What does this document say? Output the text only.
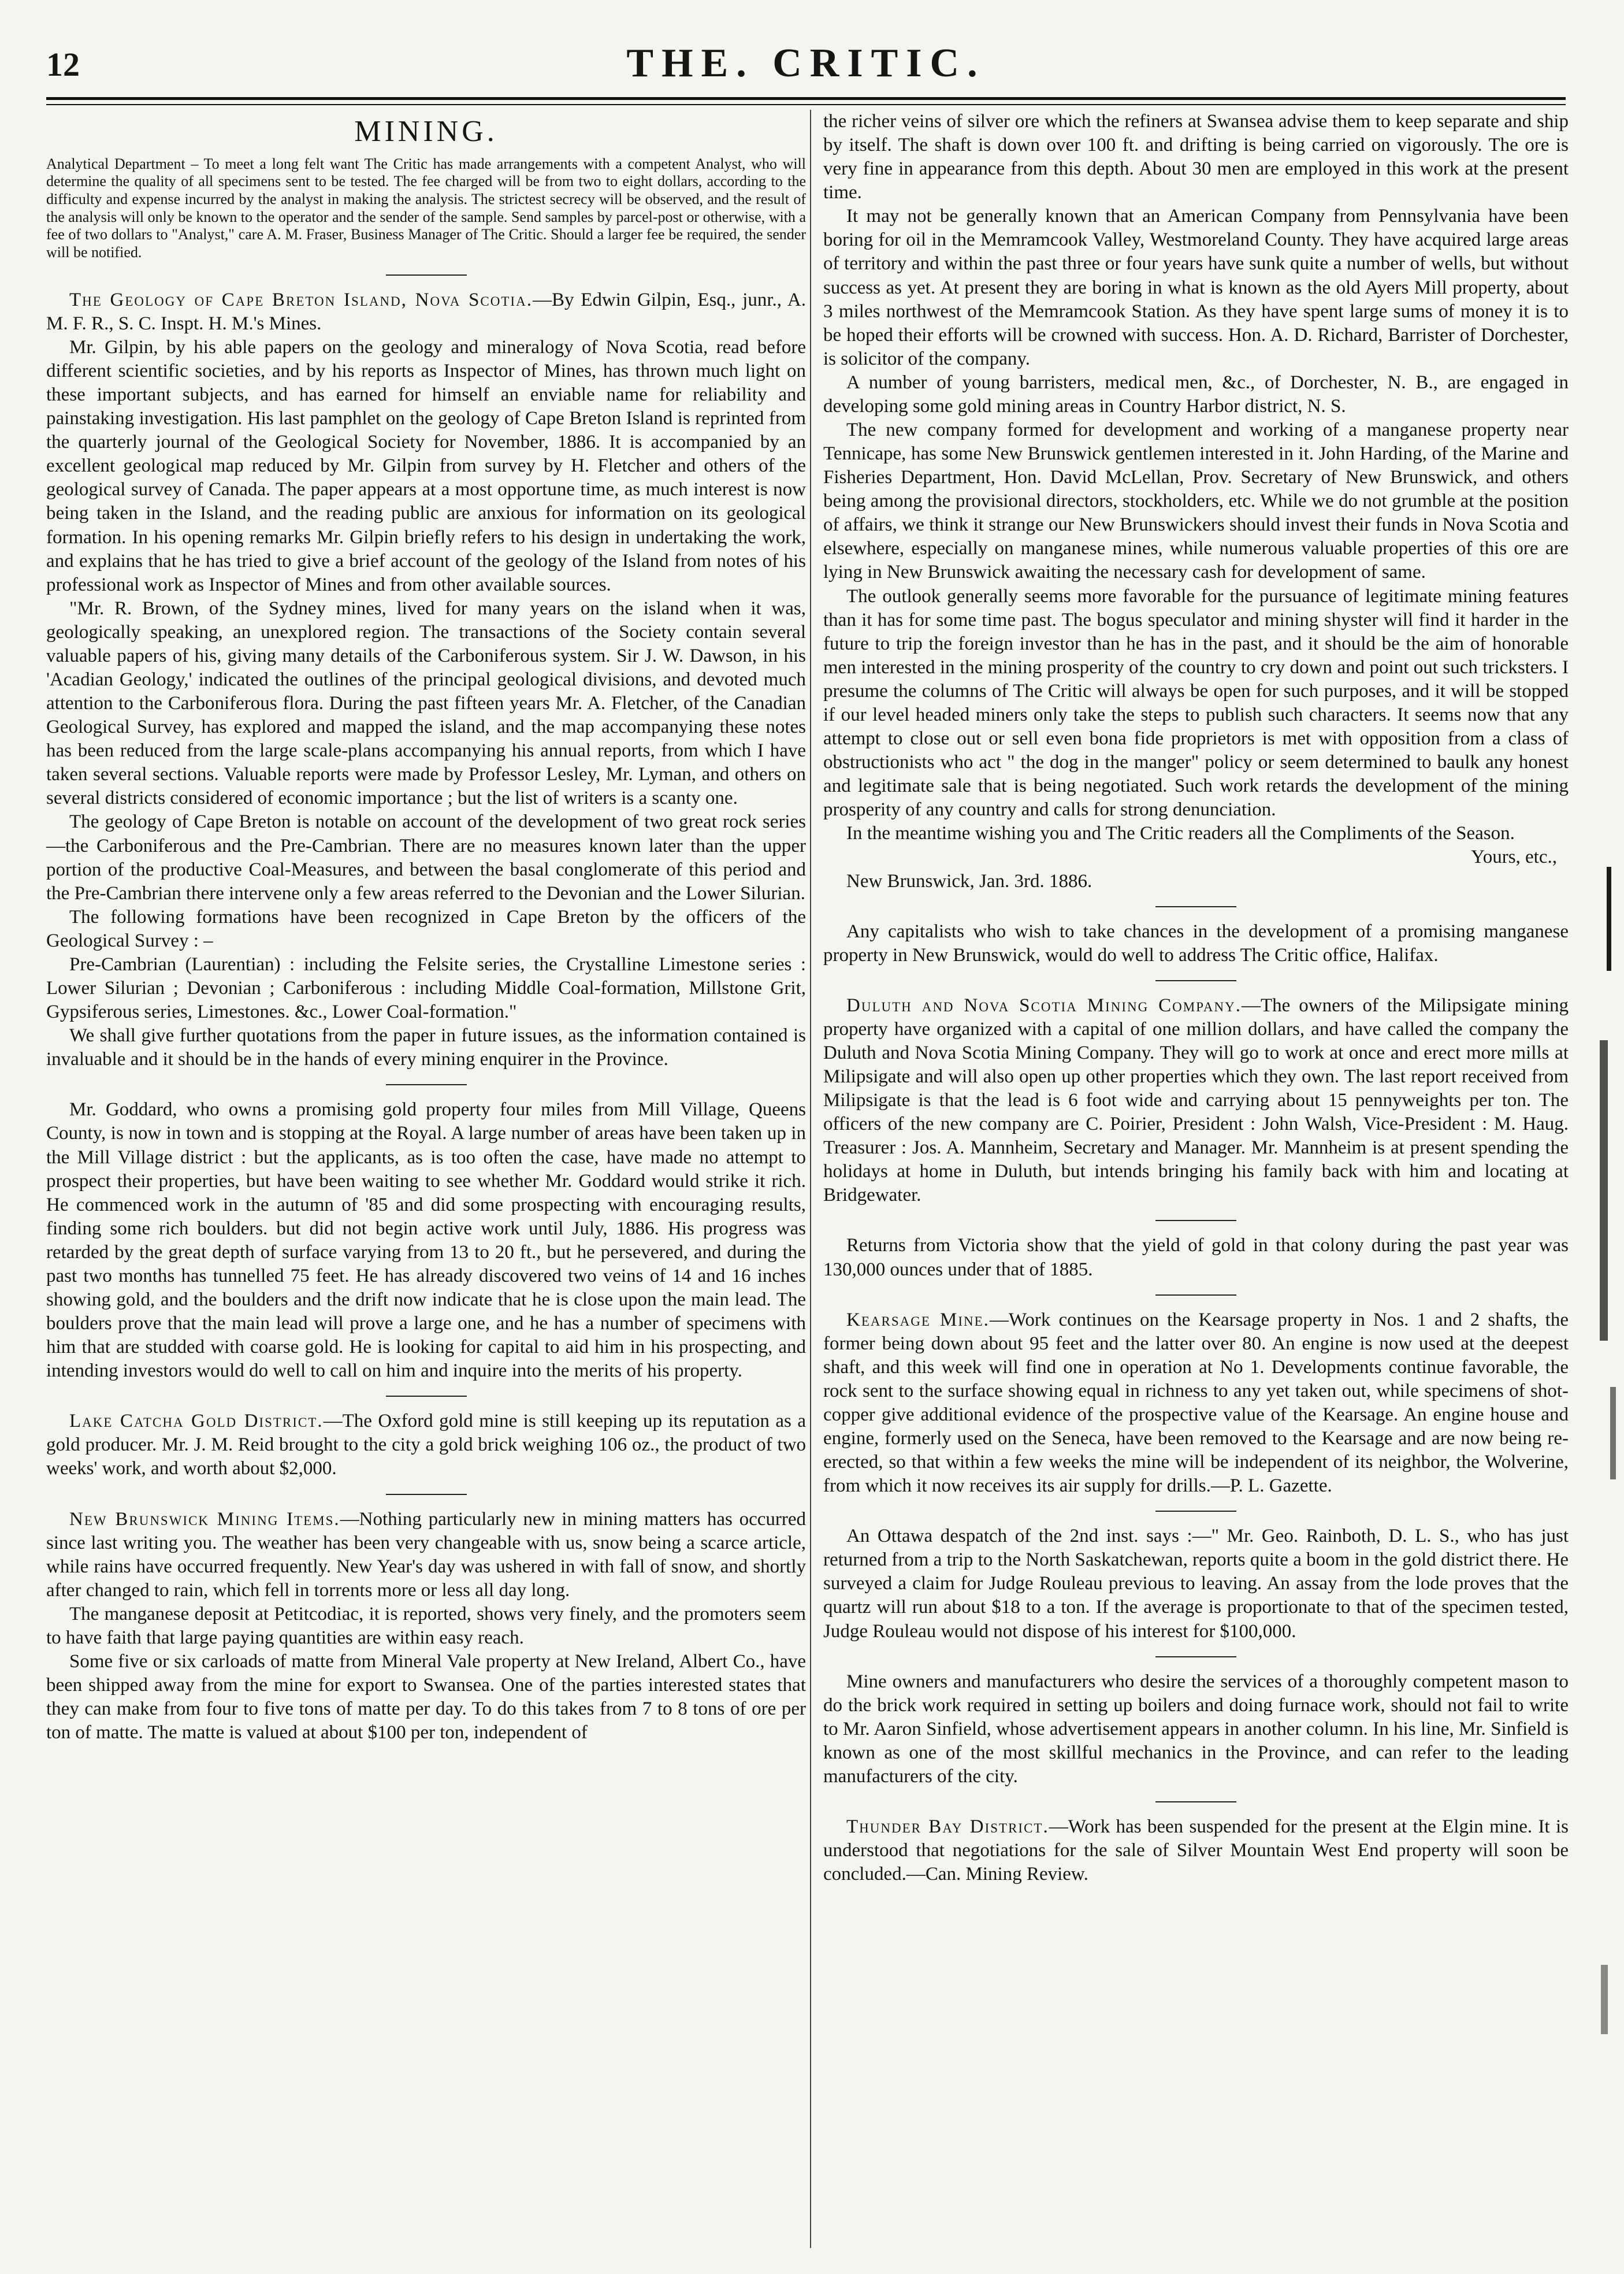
12	THE. CRITIC.
MINING.
Analytical Department – To meet a long felt want The Critic has made arrangements with a competent Analyst, who will determine the quality of all specimens sent to be tested. The fee charged will be from two to eight dollars, according to the difficulty and expense incurred by the analyst in making the analysis. The strictest secrecy will be observed, and the result of the analysis will only be known to the operator and the sender of the sample. Send samples by parcel-post or otherwise, with a fee of two dollars to "Analyst," care A. M. Fraser, Business Manager of The Critic. Should a larger fee be required, the sender will be notified.

The Geology of Cape Breton Island, Nova Scotia.—By Edwin Gilpin, Esq., junr., A. M. F. R., S. C. Inspt. H. M.'s Mines.

Mr. Gilpin, by his able papers on the geology and mineralogy of Nova Scotia, read before different scientific societies, and by his reports as Inspector of Mines, has thrown much light on these important subjects, and has earned for himself an enviable name for reliability and painstaking investigation. His last pamphlet on the geology of Cape Breton Island is reprinted from the quarterly journal of the Geological Society for November, 1886. It is accompanied by an excellent geological map reduced by Mr. Gilpin from survey by H. Fletcher and others of the geological survey of Canada. The paper appears at a most opportune time, as much interest is now being taken in the Island, and the reading public are anxious for information on its geological formation. In his opening remarks Mr. Gilpin briefly refers to his design in undertaking the work, and explains that he has tried to give a brief account of the geology of the Island from notes of his professional work as Inspector of Mines and from other available sources.

"Mr. R. Brown, of the Sydney mines, lived for many years on the island when it was, geologically speaking, an unexplored region. The transactions of the Society contain several valuable papers of his, giving many details of the Carboniferous system. Sir J. W. Dawson, in his 'Acadian Geology,' indicated the outlines of the principal geological divisions, and devoted much attention to the Carboniferous flora. During the past fifteen years Mr. A. Fletcher, of the Canadian Geological Survey, has explored and mapped the island, and the map accompanying these notes has been reduced from the large scale-plans accompanying his annual reports, from which I have taken several sections. Valuable reports were made by Professor Lesley, Mr. Lyman, and others on several districts considered of economic importance ; but the list of writers is a scanty one.

The geology of Cape Breton is notable on account of the development of two great rock series—the Carboniferous and the Pre-Cambrian. There are no measures known later than the upper portion of the productive Coal-Measures, and between the basal conglomerate of this period and the Pre-Cambrian there intervene only a few areas referred to the Devonian and the Lower Silurian.

The following formations have been recognized in Cape Breton by the officers of the Geological Survey : –

Pre-Cambrian (Laurentian) : including the Felsite series, the Crystalline Limestone series : Lower Silurian ; Devonian ; Carboniferous : including Middle Coal-formation, Millstone Grit, Gypsiferous series, Limestones. &c., Lower Coal-formation."

We shall give further quotations from the paper in future issues, as the information contained is invaluable and it should be in the hands of every mining enquirer in the Province.

Mr. Goddard, who owns a promising gold property four miles from Mill Village, Queens County, is now in town and is stopping at the Royal. A large number of areas have been taken up in the Mill Village district : but the applicants, as is too often the case, have made no attempt to prospect their properties, but have been waiting to see whether Mr. Goddard would strike it rich. He commenced work in the autumn of '85 and did some prospecting with encouraging results, finding some rich boulders. but did not begin active work until July, 1886. His progress was retarded by the great depth of surface varying from 13 to 20 ft., but he persevered, and during the past two months has tunnelled 75 feet. He has already discovered two veins of 14 and 16 inches showing gold, and the boulders and the drift now indicate that he is close upon the main lead. The boulders prove that the main lead will prove a large one, and he has a number of specimens with him that are studded with coarse gold. He is looking for capital to aid him in his prospecting, and intending investors would do well to call on him and inquire into the merits of his property.

Lake Catcha Gold District.—The Oxford gold mine is still keeping up its reputation as a gold producer. Mr. J. M. Reid brought to the city a gold brick weighing 106 oz., the product of two weeks' work, and worth about $2,000.

New Brunswick Mining Items.—Nothing particularly new in mining matters has occurred since last writing you. The weather has been very changeable with us, snow being a scarce article, while rains have occurred frequently. New Year's day was ushered in with fall of snow, and shortly after changed to rain, which fell in torrents more or less all day long.

The manganese deposit at Petitcodiac, it is reported, shows very finely, and the promoters seem to have faith that large paying quantities are within easy reach.

Some five or six carloads of matte from Mineral Vale property at New Ireland, Albert Co., have been shipped away from the mine for export to Swansea. One of the parties interested states that they can make from four to five tons of matte per day. To do this takes from 7 to 8 tons of ore per ton of matte. The matte is valued at about $100 per ton, independent of

the richer veins of silver ore which the refiners at Swansea advise them to keep separate and ship by itself. The shaft is down over 100 ft. and drifting is being carried on vigorously. The ore is very fine in appearance from this depth. About 30 men are employed in this work at the present time.

It may not be generally known that an American Company from Pennsylvania have been boring for oil in the Memramcook Valley, Westmoreland County. They have acquired large areas of territory and within the past three or four years have sunk quite a number of wells, but without success as yet. At present they are boring in what is known as the old Ayers Mill property, about 3 miles northwest of the Memramcook Station. As they have spent large sums of money it is to be hoped their efforts will be crowned with success. Hon. A. D. Richard, Barrister of Dorchester, is solicitor of the company.

A number of young barristers, medical men, &c., of Dorchester, N. B., are engaged in developing some gold mining areas in Country Harbor district, N. S.

The new company formed for development and working of a manganese property near Tennicape, has some New Brunswick gentlemen interested in it. John Harding, of the Marine and Fisheries Department, Hon. David McLellan, Prov. Secretary of New Brunswick, and others being among the provisional directors, stockholders, etc. While we do not grumble at the position of affairs, we think it strange our New Brunswickers should invest their funds in Nova Scotia and elsewhere, especially on manganese mines, while numerous valuable properties of this ore are lying in New Brunswick awaiting the necessary cash for development of same.

The outlook generally seems more favorable for the pursuance of legitimate mining features than it has for some time past. The bogus speculator and mining shyster will find it harder in the future to trip the foreign investor than he has in the past, and it should be the aim of honorable men interested in the mining prosperity of the country to cry down and point out such tricksters. I presume the columns of The Critic will always be open for such purposes, and it will be stopped if our level headed miners only take the steps to publish such characters. It seems now that any attempt to close out or sell even bona fide proprietors is met with opposition from a class of obstructionists who act " the dog in the manger" policy or seem determined to baulk any honest and legitimate sale that is being negotiated. Such work retards the development of the mining prosperity of any country and calls for strong denunciation.

In the meantime wishing you and The Critic readers all the Compliments of the Season.

Yours, etc.,

New Brunswick, Jan. 3rd. 1886.

Any capitalists who wish to take chances in the development of a promising manganese property in New Brunswick, would do well to address The Critic office, Halifax.

Duluth and Nova Scotia Mining Company.—The owners of the Milipsigate mining property have organized with a capital of one million dollars, and have called the company the Duluth and Nova Scotia Mining Company. They will go to work at once and erect more mills at Milipsigate and will also open up other properties which they own. The last report received from Milipsigate is that the lead is 6 foot wide and carrying about 15 pennyweights per ton. The officers of the new company are C. Poirier, President : John Walsh, Vice-President : M. Haug. Treasurer : Jos. A. Mannheim, Secretary and Manager. Mr. Mannheim is at present spending the holidays at home in Duluth, but intends bringing his family back with him and locating at Bridgewater.

Returns from Victoria show that the yield of gold in that colony during the past year was 130,000 ounces under that of 1885.

Kearsage Mine.—Work continues on the Kearsage property in Nos. 1 and 2 shafts, the former being down about 95 feet and the latter over 80. An engine is now used at the deepest shaft, and this week will find one in operation at No 1. Developments continue favorable, the rock sent to the surface showing equal in richness to any yet taken out, while specimens of shot-copper give additional evidence of the prospective value of the Kearsage. An engine house and engine, formerly used on the Seneca, have been removed to the Kearsage and are now being re-erected, so that within a few weeks the mine will be independent of its neighbor, the Wolverine, from which it now receives its air supply for drills.—P. L. Gazette.

An Ottawa despatch of the 2nd inst. says :—" Mr. Geo. Rainboth, D. L. S., who has just returned from a trip to the North Saskatchewan, reports quite a boom in the gold district there. He surveyed a claim for Judge Rouleau previous to leaving. An assay from the lode proves that the quartz will run about $18 to a ton. If the average is proportionate to that of the specimen tested, Judge Rouleau would not dispose of his interest for $100,000.

Mine owners and manufacturers who desire the services of a thoroughly competent mason to do the brick work required in setting up boilers and doing furnace work, should not fail to write to Mr. Aaron Sinfield, whose advertisement appears in another column. In his line, Mr. Sinfield is known as one of the most skillful mechanics in the Province, and can refer to the leading manufacturers of the city.

Thunder Bay District.—Work has been suspended for the present at the Elgin mine. It is understood that negotiations for the sale of Silver Mountain West End property will soon be concluded.—Can. Mining Review.
